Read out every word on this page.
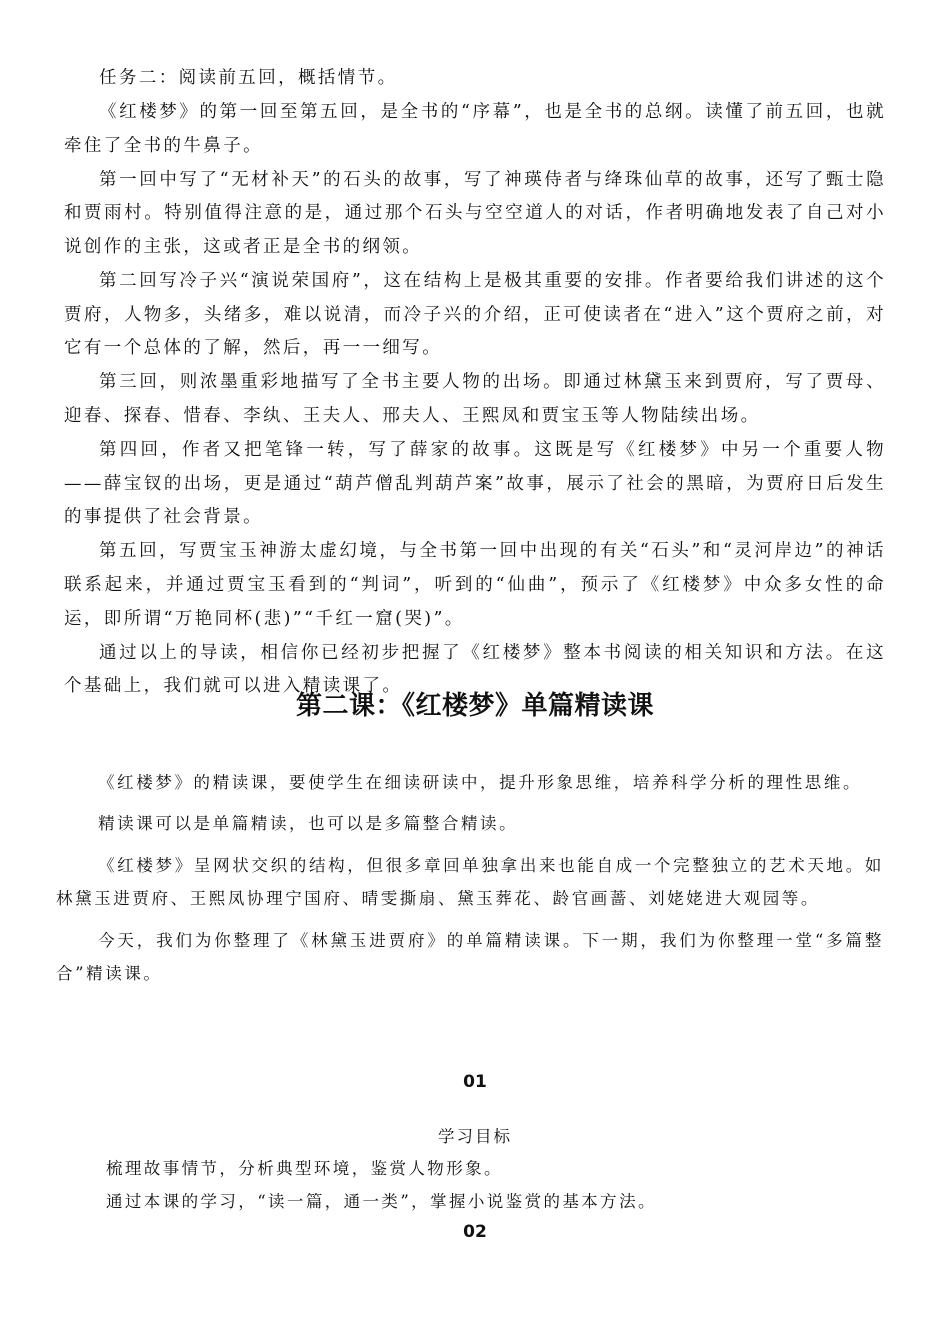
任务二：阅读前五回，概括情节。

《红楼梦》的第一回至第五回，是全书的“序幕”，也是全书的总纲。读懂了前五回，也就牵住了全书的牛鼻子。

第一回中写了“无材补天”的石头的故事，写了神瑛侍者与绛珠仙草的故事，还写了甄士隐和贾雨村。特别值得注意的是，通过那个石头与空空道人的对话，作者明确地发表了自己对小说创作的主张，这或者正是全书的纲领。

第二回写冷子兴“演说荣国府”，这在结构上是极其重要的安排。作者要给我们讲述的这个贾府，人物多，头绪多，难以说清，而冷子兴的介绍，正可使读者在“进入”这个贾府之前，对它有一个总体的了解，然后，再一一细写。

第三回，则浓墨重彩地描写了全书主要人物的出场。即通过林黛玉来到贾府，写了贾母、迎春、探春、惜春、李纨、王夫人、邢夫人、王熙凤和贾宝玉等人物陆续出场。

第四回，作者又把笔锋一转，写了薛家的故事。这既是写《红楼梦》中另一个重要人物——薛宝钗的出场，更是通过“葫芦僧乱判葫芦案”故事，展示了社会的黑暗，为贾府日后发生的事提供了社会背景。

第五回，写贾宝玉神游太虚幻境，与全书第一回中出现的有关“石头”和“灵河岸边”的神话联系起来，并通过贾宝玉看到的“判词”，听到的“仙曲”，预示了《红楼梦》中众多女性的命运，即所谓“万艳同杯(悲)”“千红一窟(哭)”。

通过以上的导读，相信你已经初步把握了《红楼梦》整本书阅读的相关知识和方法。在这个基础上，我们就可以进入精读课了。

第二课：《红楼梦》单篇精读课

《红楼梦》的精读课，要使学生在细读研读中，提升形象思维，培养科学分析的理性思维。

精读课可以是单篇精读，也可以是多篇整合精读。

《红楼梦》呈网状交织的结构，但很多章回单独拿出来也能自成一个完整独立的艺术天地。如林黛玉进贾府、王熙凤协理宁国府、晴雯撕扇、黛玉葬花、龄官画蔷、刘姥姥进大观园等。

今天，我们为你整理了《林黛玉进贾府》的单篇精读课。下一期，我们为你整理一堂“多篇整合”精读课。

01
学习目标

梳理故事情节，分析典型环境，鉴赏人物形象。

通过本课的学习，“读一篇，通一类”，掌握小说鉴赏的基本方法。

02
